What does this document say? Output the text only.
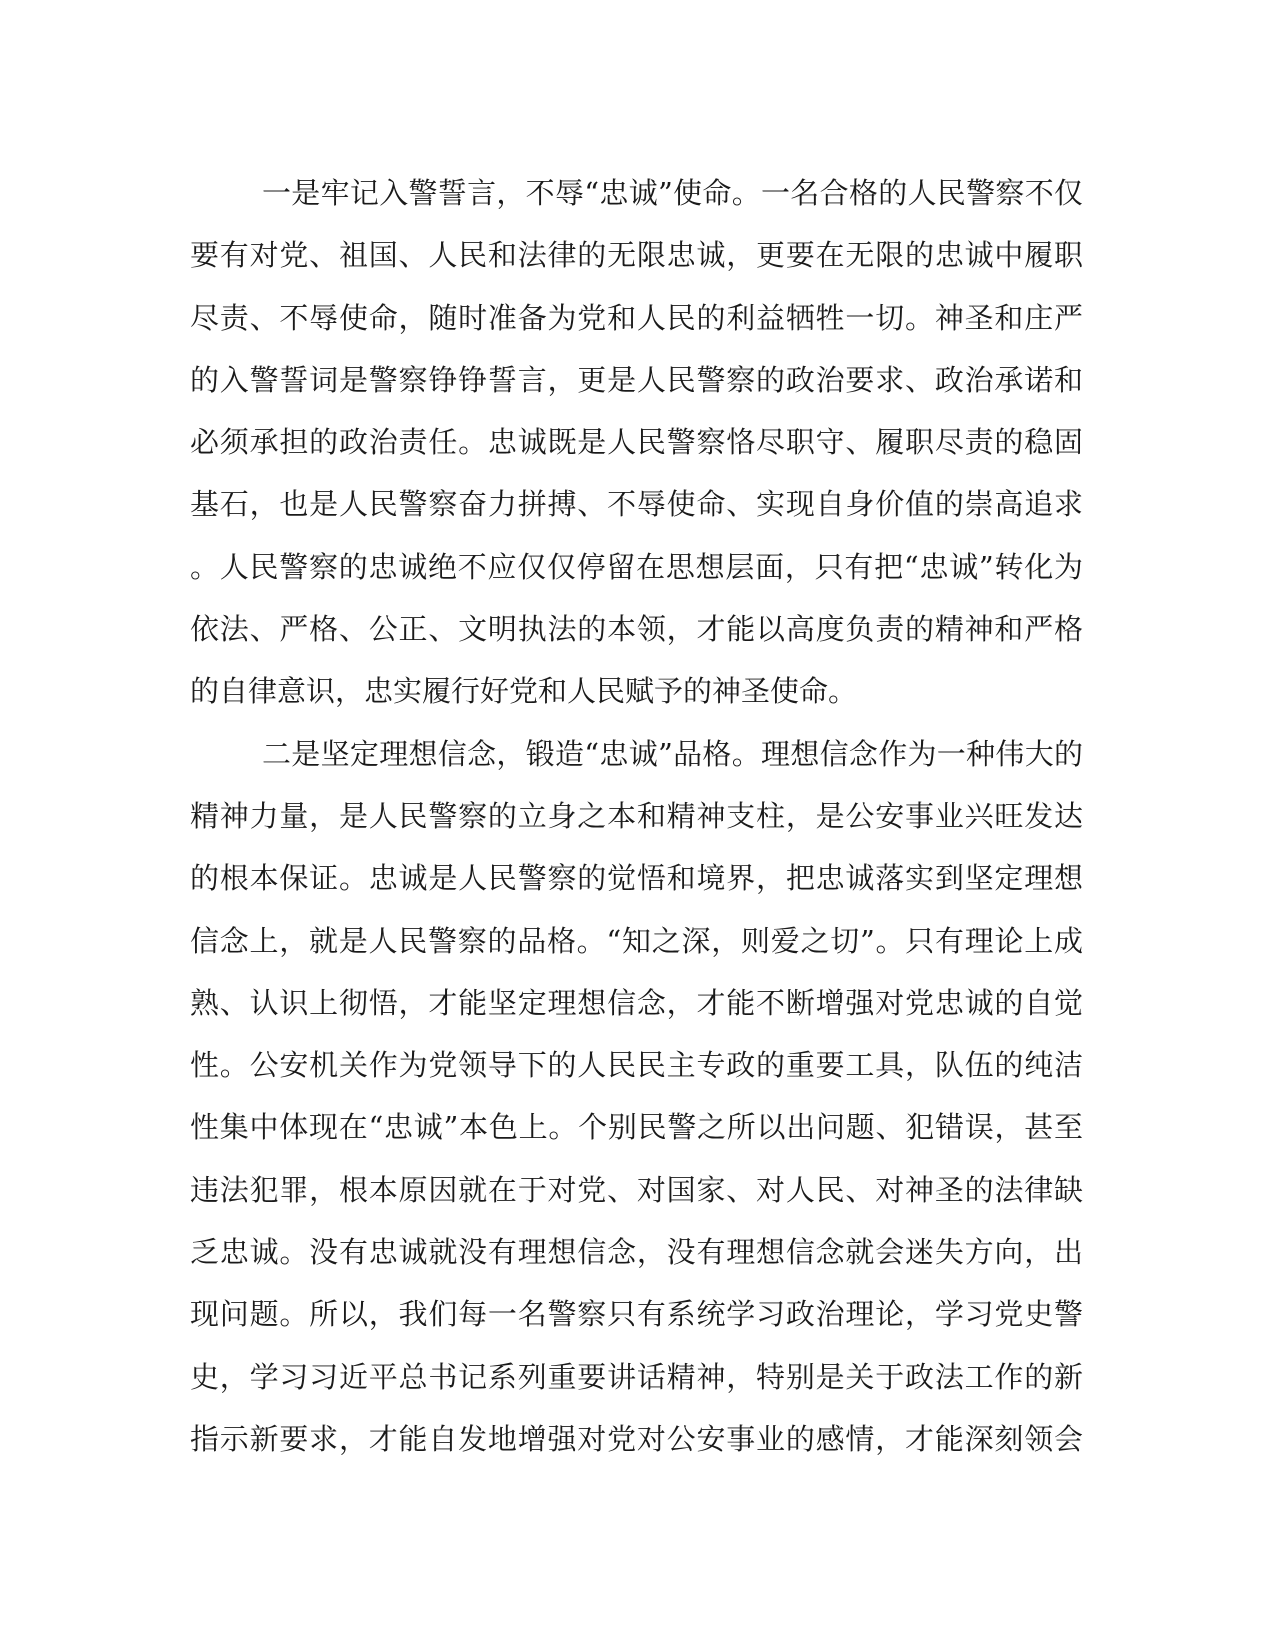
一是牢记入警誓言，不辱“忠诚”使命。一名合格的人民警察不仅
要有对党、祖国、人民和法律的无限忠诚，更要在无限的忠诚中履职
尽责、不辱使命，随时准备为党和人民的利益牺牲一切。神圣和庄严
的入警誓词是警察铮铮誓言，更是人民警察的政治要求、政治承诺和
必须承担的政治责任。忠诚既是人民警察恪尽职守、履职尽责的稳固
基石，也是人民警察奋力拼搏、不辱使命、实现自身价值的崇高追求
。人民警察的忠诚绝不应仅仅停留在思想层面，只有把“忠诚”转化为
依法、严格、公正、文明执法的本领，才能以高度负责的精神和严格
的自律意识，忠实履行好党和人民赋予的神圣使命。
二是坚定理想信念，锻造“忠诚”品格。理想信念作为一种伟大的
精神力量，是人民警察的立身之本和精神支柱，是公安事业兴旺发达
的根本保证。忠诚是人民警察的觉悟和境界，把忠诚落实到坚定理想
信念上，就是人民警察的品格。“知之深，则爱之切”。只有理论上成
熟、认识上彻悟，才能坚定理想信念，才能不断增强对党忠诚的自觉
性。公安机关作为党领导下的人民民主专政的重要工具，队伍的纯洁
性集中体现在“忠诚”本色上。个别民警之所以出问题、犯错误，甚至
违法犯罪，根本原因就在于对党、对国家、对人民、对神圣的法律缺
乏忠诚。没有忠诚就没有理想信念，没有理想信念就会迷失方向，出
现问题。所以，我们每一名警察只有系统学习政治理论，学习党史警
史，学习习近平总书记系列重要讲话精神，特别是关于政法工作的新
指示新要求，才能自发地增强对党对公安事业的感情，才能深刻领会
